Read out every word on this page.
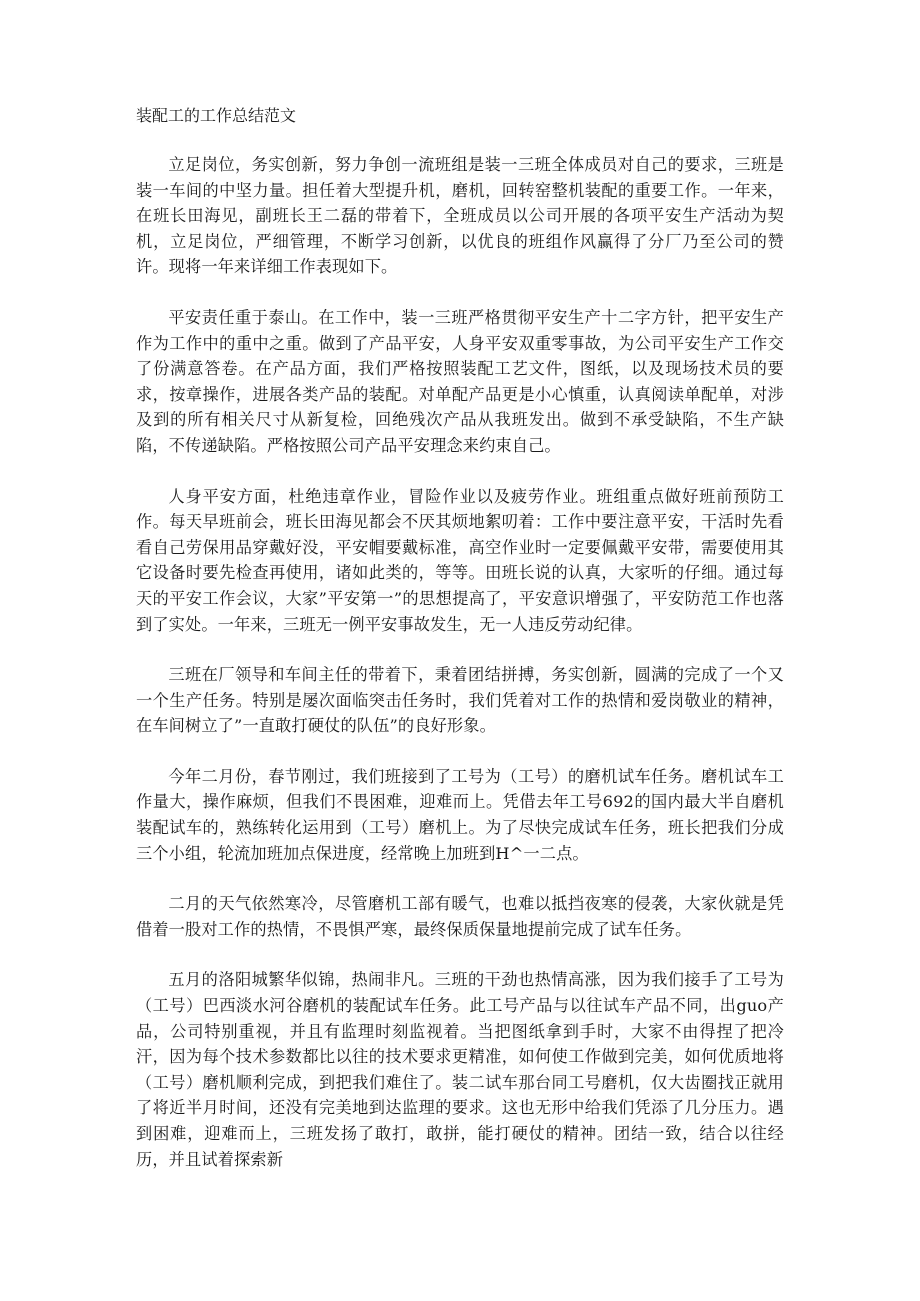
装配工的工作总结范文

立足岗位，务实创新，努力争创一流班组是装一三班全体成员对自己的要求，三班是装一车间的中坚力量。担任着大型提升机，磨机，回转窑整机装配的重要工作。一年来，在班长田海见，副班长王二磊的带着下，全班成员以公司开展的各项平安生产活动为契机，立足岗位，严细管理，不断学习创新，以优良的班组作风赢得了分厂乃至公司的赞许。现将一年来详细工作表现如下。

平安责任重于泰山。在工作中，装一三班严格贯彻平安生产十二字方针，把平安生产作为工作中的重中之重。做到了产品平安，人身平安双重零事故，为公司平安生产工作交了份满意答卷。在产品方面，我们严格按照装配工艺文件，图纸，以及现场技术员的要求，按章操作，进展各类产品的装配。对单配产品更是小心慎重，认真阅读单配单，对涉及到的所有相关尺寸从新复检，回绝残次产品从我班发出。做到不承受缺陷，不生产缺陷，不传递缺陷。严格按照公司产品平安理念来约束自己。

人身平安方面，杜绝违章作业，冒险作业以及疲劳作业。班组重点做好班前预防工作。每天早班前会，班长田海见都会不厌其烦地絮叨着：工作中要注意平安，干活时先看看自己劳保用品穿戴好没，平安帽要戴标准，高空作业时一定要佩戴平安带，需要使用其它设备时要先检查再使用，诸如此类的，等等。田班长说的认真，大家听的仔细。通过每天的平安工作会议，大家”平安第一”的思想提高了，平安意识增强了，平安防范工作也落到了实处。一年来，三班无一例平安事故发生，无一人违反劳动纪律。

三班在厂领导和车间主任的带着下，秉着团结拼搏，务实创新，圆满的完成了一个又一个生产任务。特别是屡次面临突击任务时，我们凭着对工作的热情和爱岗敬业的精神，在车间树立了”一直敢打硬仗的队伍”的良好形象。

今年二月份，春节刚过，我们班接到了工号为（工号）的磨机试车任务。磨机试车工作量大，操作麻烦，但我们不畏困难，迎难而上。凭借去年工号692的国内最大半自磨机装配试车的，熟练转化运用到（工号）磨机上。为了尽快完成试车任务，班长把我们分成三个小组，轮流加班加点保进度，经常晚上加班到H^一二点。

二月的天气依然寒冷，尽管磨机工部有暖气，也难以抵挡夜寒的侵袭，大家伙就是凭借着一股对工作的热情，不畏惧严寒，最终保质保量地提前完成了试车任务。

五月的洛阳城繁华似锦，热闹非凡。三班的干劲也热情高涨，因为我们接手了工号为（工号）巴西淡水河谷磨机的装配试车任务。此工号产品与以往试车产品不同，出guo产品，公司特别重视，并且有监理时刻监视着。当把图纸拿到手时，大家不由得捏了把冷汗，因为每个技术参数都比以往的技术要求更精准，如何使工作做到完美，如何优质地将（工号）磨机顺利完成，到把我们难住了。装二试车那台同工号磨机，仅大齿圈找正就用了将近半月时间，还没有完美地到达监理的要求。这也无形中给我们凭添了几分压力。遇到困难，迎难而上，三班发扬了敢打，敢拼，能打硬仗的精神。团结一致，结合以往经历，并且试着探索新
